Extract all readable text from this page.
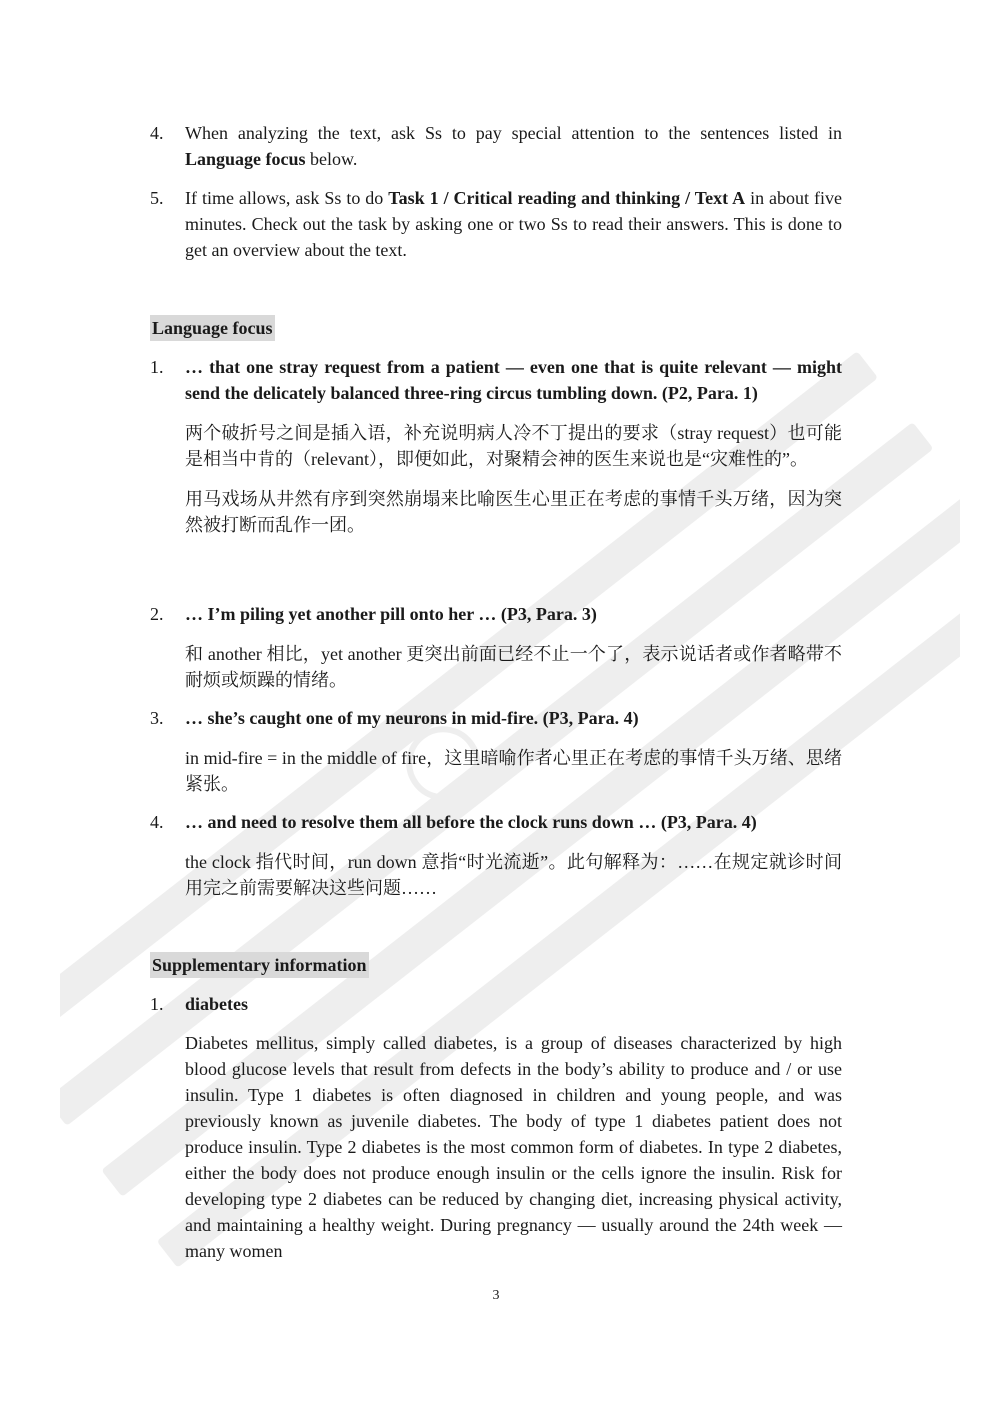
4.	When analyzing the text, ask Ss to pay special attention to the sentences listed in Language focus below.
5.	If time allows, ask Ss to do Task 1 / Critical reading and thinking / Text A in about five minutes. Check out the task by asking one or two Ss to read their answers. This is done to get an overview about the text.
Language focus
1.	… that one stray request from a patient — even one that is quite relevant — might send the delicately balanced three-ring circus tumbling down. (P2, Para. 1)
两个破折号之间是插入语，补充说明病人冷不丁提出的要求（stray request）也可能是相当中肯的（relevant），即便如此，对聚精会神的医生来说也是“灾难性的”。
用马戏场从井然有序到突然崩塌来比喻医生心里正在考虑的事情千头万绪，因为突然被打断而乱作一团。
2.	… I’m piling yet another pill onto her … (P3, Para. 3)
和 another 相比，yet another 更突出前面已经不止一个了，表示说话者或作者略带不耐烦或烦躁的情绪。
3.	… she’s caught one of my neurons in mid-fire. (P3, Para. 4)
in mid-fire = in the middle of fire，这里暗喻作者心里正在考虑的事情千头万绪、思绪紧张。
4.	… and need to resolve them all before the clock runs down … (P3, Para. 4)
the clock 指代时间，run down 意指“时光流逝”。此句解释为：……在规定就诊时间用完之前需要解决这些问题……
Supplementary information
1.	diabetes
Diabetes mellitus, simply called diabetes, is a group of diseases characterized by high blood glucose levels that result from defects in the body’s ability to produce and / or use insulin. Type 1 diabetes is often diagnosed in children and young people, and was previously known as juvenile diabetes. The body of type 1 diabetes patient does not produce insulin. Type 2 diabetes is the most common form of diabetes. In type 2 diabetes, either the body does not produce enough insulin or the cells ignore the insulin. Risk for developing type 2 diabetes can be reduced by changing diet, increasing physical activity, and maintaining a healthy weight. During pregnancy — usually around the 24th week — many women
3
